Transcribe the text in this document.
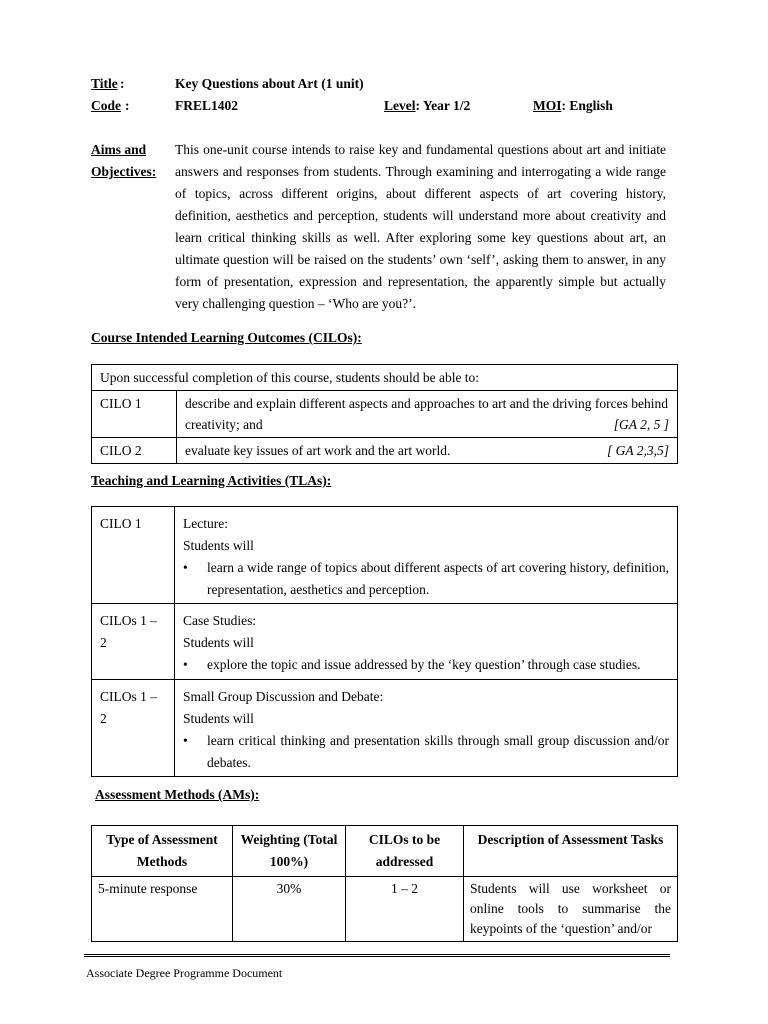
Title :	Key Questions about Art (1 unit)
Code :	FREL1402	Level: Year 1/2	MOI: English
Aims and
Objectives:
This one-unit course intends to raise key and fundamental questions about art and initiate answers and responses from students. Through examining and interrogating a wide range of topics, across different origins, about different aspects of art covering history, definition, aesthetics and perception, students will understand more about creativity and learn critical thinking skills as well. After exploring some key questions about art, an ultimate question will be raised on the students’ own ‘self’, asking them to answer, in any form of presentation, expression and representation, the apparently simple but actually very challenging question – ‘Who are you?’.
Course Intended Learning Outcomes (CILOs):
Upon successful completion of this course, students should be able to:	
CILO 1	describe and explain different aspects and approaches to art and the driving forces behind creativity; and [GA 2, 5 ]

CILO 2	evaluate key issues of art work and the art world. [ GA 2,3,5]
Teaching and Learning Activities (TLAs):
CILO 1	Lecture:
Students will
• learn a wide range of topics about different aspects of art covering history, definition, representation, aesthetics and perception.

CILOs 1 – 2	Case Studies:
Students will
• explore the topic and issue addressed by the ‘key question’ through case studies.

CILOs 1 – 2	Small Group Discussion and Debate:
Students will
• learn critical thinking and presentation skills through small group discussion and/or debates.
Assessment Methods (AMs):
Type of Assessment Methods	Weighting (Total 100%)	CILOs to be addressed	Description of Assessment Tasks
5-minute response	30%	1 – 2	Students will use worksheet or online tools to summarise the keypoints of the ‘question’ and/or
Associate Degree Programme Document
